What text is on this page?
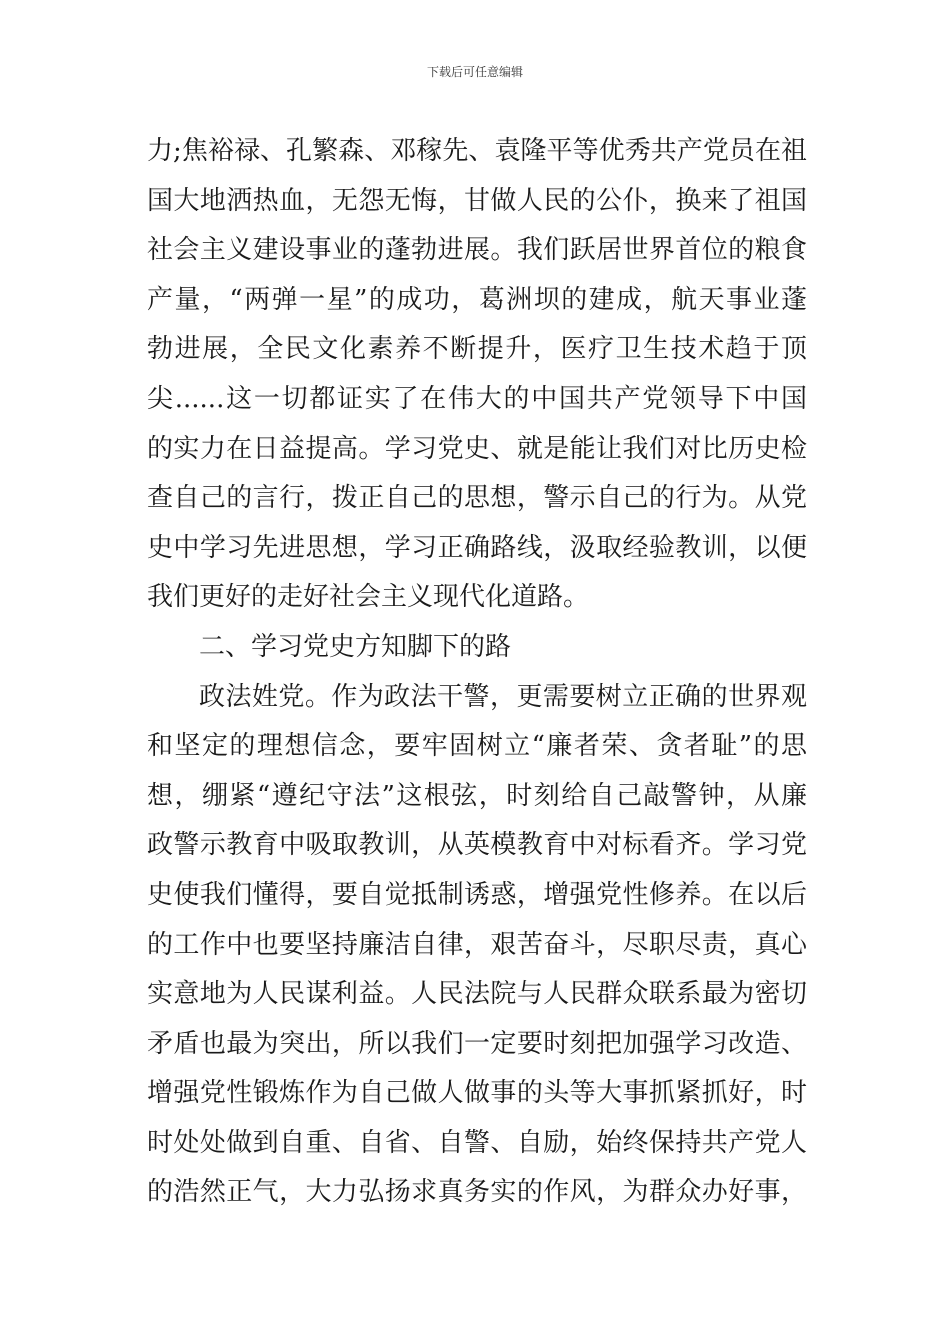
下载后可任意编辑
力;焦裕禄、孔繁森、邓稼先、袁隆平等优秀共产党员在祖
国大地洒热血，无怨无悔，甘做人民的公仆，换来了祖国
社会主义建设事业的蓬勃进展。我们跃居世界首位的粮食
产量，“两弹一星”的成功，葛洲坝的建成，航天事业蓬
勃进展，全民文化素养不断提升，医疗卫生技术趋于顶
尖......这一切都证实了在伟大的中国共产党领导下中国
的实力在日益提高。学习党史、就是能让我们对比历史检
查自己的言行，拨正自己的思想，警示自己的行为。从党
史中学习先进思想，学习正确路线，汲取经验教训，以便
我们更好的走好社会主义现代化道路。
二、学习党史方知脚下的路
政法姓党。作为政法干警，更需要树立正确的世界观
和坚定的理想信念，要牢固树立“廉者荣、贪者耻”的思
想，绷紧“遵纪守法”这根弦，时刻给自己敲警钟，从廉
政警示教育中吸取教训，从英模教育中对标看齐。学习党
史使我们懂得，要自觉抵制诱惑，增强党性修养。在以后
的工作中也要坚持廉洁自律，艰苦奋斗，尽职尽责，真心
实意地为人民谋利益。人民法院与人民群众联系最为密切
矛盾也最为突出，所以我们一定要时刻把加强学习改造、
增强党性锻炼作为自己做人做事的头等大事抓紧抓好，时
时处处做到自重、自省、自警、自励，始终保持共产党人
的浩然正气，大力弘扬求真务实的作风，为群众办好事，
